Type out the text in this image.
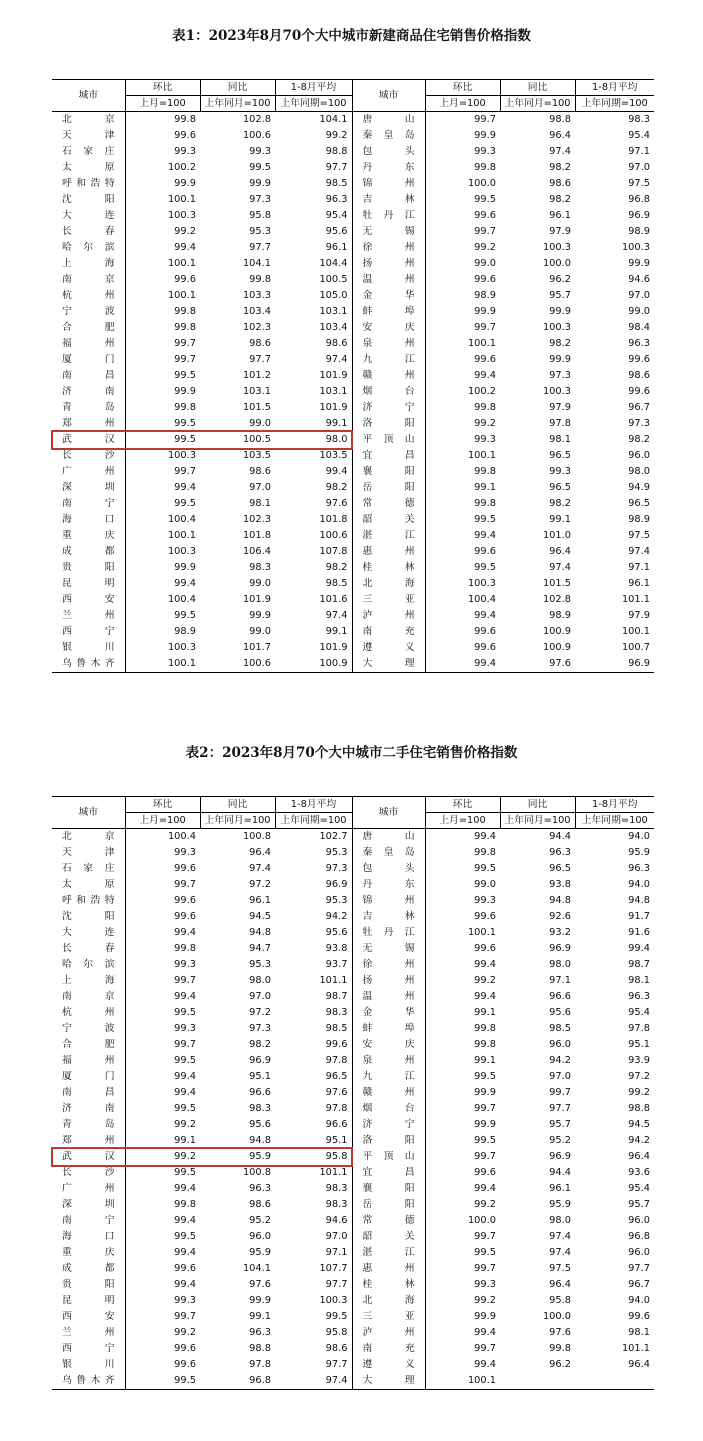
表1：2023年8月70个大中城市新建商品住宅销售价格指数
城市	环比	同比	1-8月平均	城市	环比	同比	1-8月平均
	上月=100	上年同月=100	上年同期=100		上月=100	上年同月=100	上年同期=100
北京	99.8	102.8	104.1	唐山	99.7	98.8	98.3
天津	99.6	100.6	99.2	秦皇岛	99.9	96.4	95.4
石家庄	99.3	99.3	98.8	包头	99.3	97.4	97.1
太原	100.2	99.5	97.7	丹东	99.8	98.2	97.0
呼和浩特	99.9	99.9	98.5	锦州	100.0	98.6	97.5
沈阳	100.1	97.3	96.3	吉林	99.5	98.2	96.8
大连	100.3	95.8	95.4	牡丹江	99.6	96.1	96.9
长春	99.2	95.3	95.6	无锡	99.7	97.9	98.9
哈尔滨	99.4	97.7	96.1	徐州	99.2	100.3	100.3
上海	100.1	104.1	104.4	扬州	99.0	100.0	99.9
南京	99.6	99.8	100.5	温州	99.6	96.2	94.6
杭州	100.1	103.3	105.0	金华	98.9	95.7	97.0
宁波	99.8	103.4	103.1	蚌埠	99.9	99.9	99.0
合肥	99.8	102.3	103.4	安庆	99.7	100.3	98.4
福州	99.7	98.6	98.6	泉州	100.1	98.2	96.3
厦门	99.7	97.7	97.4	九江	99.6	99.9	99.6
南昌	99.5	101.2	101.9	赣州	99.4	97.3	98.6
济南	99.9	103.1	103.1	烟台	100.2	100.3	99.6
青岛	99.8	101.5	101.9	济宁	99.8	97.9	96.7
郑州	99.5	99.0	99.1	洛阳	99.2	97.8	97.3
武汉	99.5	100.5	98.0	平顶山	99.3	98.1	98.2
长沙	100.3	103.5	103.5	宜昌	100.1	96.5	96.0
广州	99.7	98.6	99.4	襄阳	99.8	99.3	98.0
深圳	99.4	97.0	98.2	岳阳	99.1	96.5	94.9
南宁	99.5	98.1	97.6	常德	99.8	98.2	96.5
海口	100.4	102.3	101.8	韶关	99.5	99.1	98.9
重庆	100.1	101.8	100.6	湛江	99.4	101.0	97.5
成都	100.3	106.4	107.8	惠州	99.6	96.4	97.4
贵阳	99.9	98.3	98.2	桂林	99.5	97.4	97.1
昆明	99.4	99.0	98.5	北海	100.3	101.5	96.1
西安	100.4	101.9	101.6	三亚	100.4	102.8	101.1
兰州	99.5	99.9	97.4	泸州	99.4	98.9	97.9
西宁	98.9	99.0	99.1	南充	99.6	100.9	100.1
银川	100.3	101.7	101.9	遵义	99.6	100.9	100.7
乌鲁木齐	100.1	100.6	100.9	大理	99.4	97.6	96.9
表2：2023年8月70个大中城市二手住宅销售价格指数
城市	环比	同比	1-8月平均	城市	环比	同比	1-8月平均
	上月=100	上年同月=100	上年同期=100		上月=100	上年同月=100	上年同期=100
北京	100.4	100.8	102.7	唐山	99.4	94.4	94.0
天津	99.3	96.4	95.3	秦皇岛	99.8	96.3	95.9
石家庄	99.6	97.4	97.3	包头	99.5	96.5	96.3
太原	99.7	97.2	96.9	丹东	99.0	93.8	94.0
呼和浩特	99.6	96.1	95.3	锦州	99.3	94.8	94.8
沈阳	99.6	94.5	94.2	吉林	99.6	92.6	91.7
大连	99.4	94.8	95.6	牡丹江	100.1	93.2	91.6
长春	99.8	94.7	93.8	无锡	99.6	96.9	99.4
哈尔滨	99.3	95.3	93.7	徐州	99.4	98.0	98.7
上海	99.7	98.0	101.1	扬州	99.2	97.1	98.1
南京	99.4	97.0	98.7	温州	99.4	96.6	96.3
杭州	99.5	97.2	98.3	金华	99.1	95.6	95.4
宁波	99.3	97.3	98.5	蚌埠	99.8	98.5	97.8
合肥	99.7	98.2	99.6	安庆	99.8	96.0	95.1
福州	99.5	96.9	97.8	泉州	99.1	94.2	93.9
厦门	99.4	95.1	96.5	九江	99.5	97.0	97.2
南昌	99.4	96.6	97.6	赣州	99.9	99.7	99.2
济南	99.5	98.3	97.8	烟台	99.7	97.7	98.8
青岛	99.2	95.6	96.6	济宁	99.9	95.7	94.5
郑州	99.1	94.8	95.1	洛阳	99.5	95.2	94.2
武汉	99.2	95.9	95.8	平顶山	99.7	96.9	96.4
长沙	99.5	100.8	101.1	宜昌	99.6	94.4	93.6
广州	99.4	96.3	98.3	襄阳	99.4	96.1	95.4
深圳	99.8	98.6	98.3	岳阳	99.2	95.9	95.7
南宁	99.4	95.2	94.6	常德	100.0	98.0	96.0
海口	99.5	96.0	97.0	韶关	99.7	97.4	96.8
重庆	99.4	95.9	97.1	湛江	99.5	97.4	96.0
成都	99.6	104.1	107.7	惠州	99.7	97.5	97.7
贵阳	99.4	97.6	97.7	桂林	99.3	96.4	96.7
昆明	99.3	99.9	100.3	北海	99.2	95.8	94.0
西安	99.7	99.1	99.5	三亚	99.9	100.0	99.6
兰州	99.2	96.3	95.8	泸州	99.4	97.6	98.1
西宁	99.6	98.8	98.6	南充	99.7	99.8	101.1
银川	99.6	97.8	97.7	遵义	99.4	96.2	96.4
乌鲁木齐	99.5	96.8	97.4	大理	100.1		
